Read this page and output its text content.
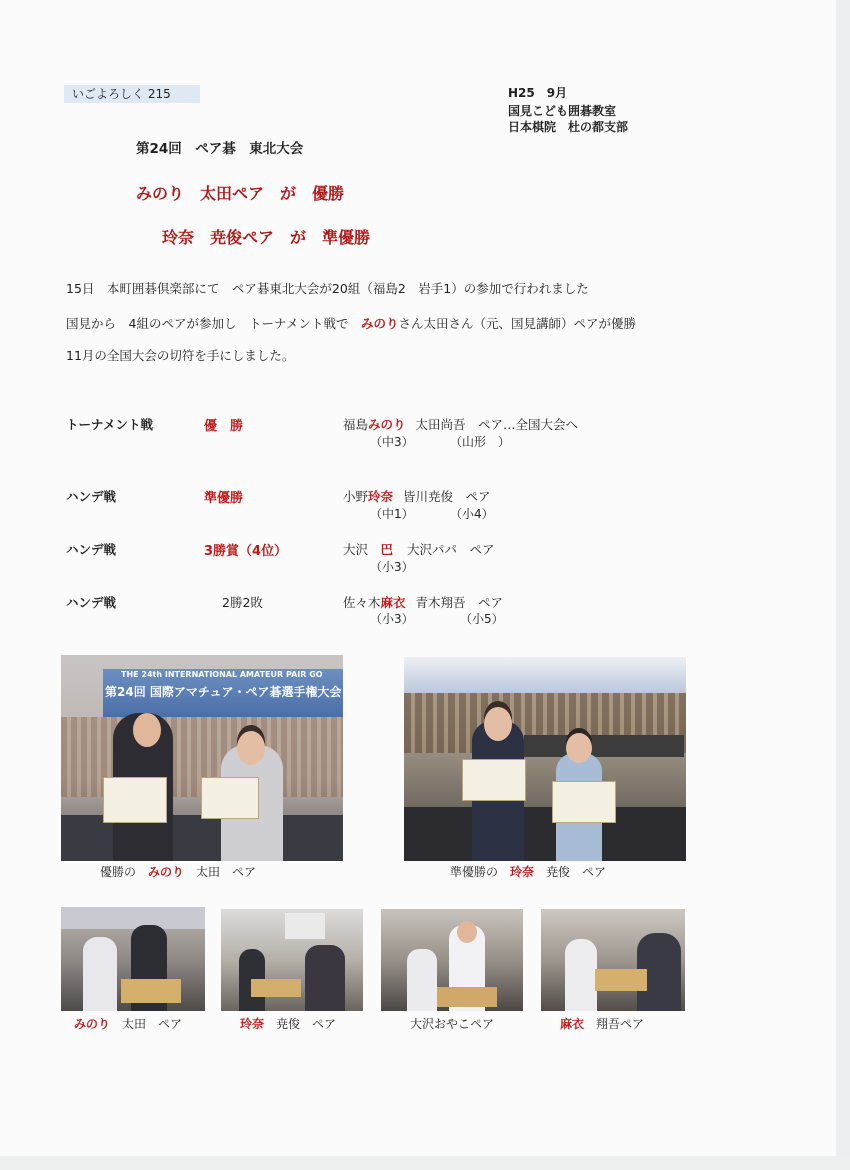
いごよろしく 215	H25　9月
国見こども囲碁教室
日本棋院　杜の都支部
第24回　ペア碁　東北大会
みのり　太田ペア　が　優勝
玲奈　尭俊ペア　が　準優勝
15日　本町囲碁倶楽部にて　ペア碁東北大会が20組（福島2　岩手1）の参加で行われました
国見から　4組のペアが参加し　トーナメント戦で　みのりさん太田さん（元、国見講師）ペアが優勝
11月の全国大会の切符を手にしました。
トーナメント戦	優　勝	福島みのり 太田尚吾　ペア…全国大会へ
（中3）	（山形　）
ハンデ戦	準優勝	小野玲奈 皆川尭俊　ペア
（中1）	（小4）
ハンデ戦	3勝賞（4位）	大沢　巴 大沢パパ　ペア
（小3）
ハンデ戦	2勝2敗	佐々木麻衣 青木翔吾　ペア
（小3）	（小5）
THE 24th INTERNATIONAL AMATEUR PAIR GO
第24回 国際アマチュア・ペア碁選手権大会
優勝の　みのり　太田　ペア	準優勝の　玲奈　尭俊　ペア
みのり　太田　ペア	玲奈　尭俊　ペア	大沢おやこペア	麻衣　翔吾ペア
